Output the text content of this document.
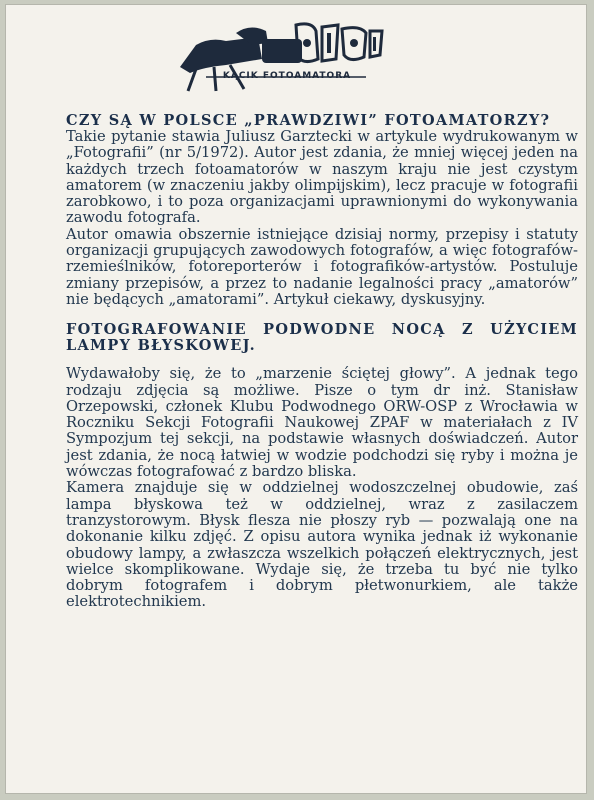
KĄCIK FOTOAMATORA
CZY SĄ W POLSCE „PRAWDZIWI” FOTOAMATORZY?

Takie pytanie stawia Juliusz Garztecki w artykule wydrukowanym w „Fotografii” (nr 5/1972). Autor jest zdania, że mniej więcej jeden na każdych trzech fotoamatorów w naszym kraju nie jest czystym amatorem (w znaczeniu jakby olimpijskim), lecz pracuje w fotografii zarobkowo, i to poza organizacjami uprawnionymi do wykonywania zawodu fotografa.

Autor omawia obszernie istniejące dzisiaj normy, przepisy i statuty organizacji grupujących zawodowych fotografów, a więc fotografów-rzemieślników, fotoreporterów i fotografików-artystów. Postuluje zmiany przepisów, a przez to nadanie legalności pracy „amatorów” nie będących „amatorami”. Artykuł ciekawy, dyskusyjny.

FOTOGRAFOWANIE PODWODNE NOCĄ Z UŻYCIEM LAMPY BŁYSKOWEJ.

Wydawałoby się, że to „marzenie ściętej głowy”. A jednak tego rodzaju zdjęcia są możliwe. Pisze o tym dr inż. Stanisław Orzepowski, członek Klubu Podwodnego ORW-OSP z Wrocławia w Roczniku Sekcji Fotografii Naukowej ZPAF w materiałach z IV Sympozjum tej sekcji, na podstawie własnych doświadczeń. Autor jest zdania, że nocą łatwiej w wodzie podchodzi się ryby i można je wówczas fotografować z bardzo bliska.

Kamera znajduje się w oddzielnej wodoszczelnej obudowie, zaś lampa błyskowa też w oddzielnej, wraz z zasilaczem tranzystorowym. Błysk flesza nie płoszy ryb — pozwalają one na dokonanie kilku zdjęć. Z opisu autora wynika jednak iż wykonanie obudowy lampy, a zwłaszcza wszelkich połączeń elektrycznych, jest wielce skomplikowane. Wydaje się, że trzeba tu być nie tylko dobrym fotografem i dobrym płetwonurkiem, ale także elektrotechnikiem.
